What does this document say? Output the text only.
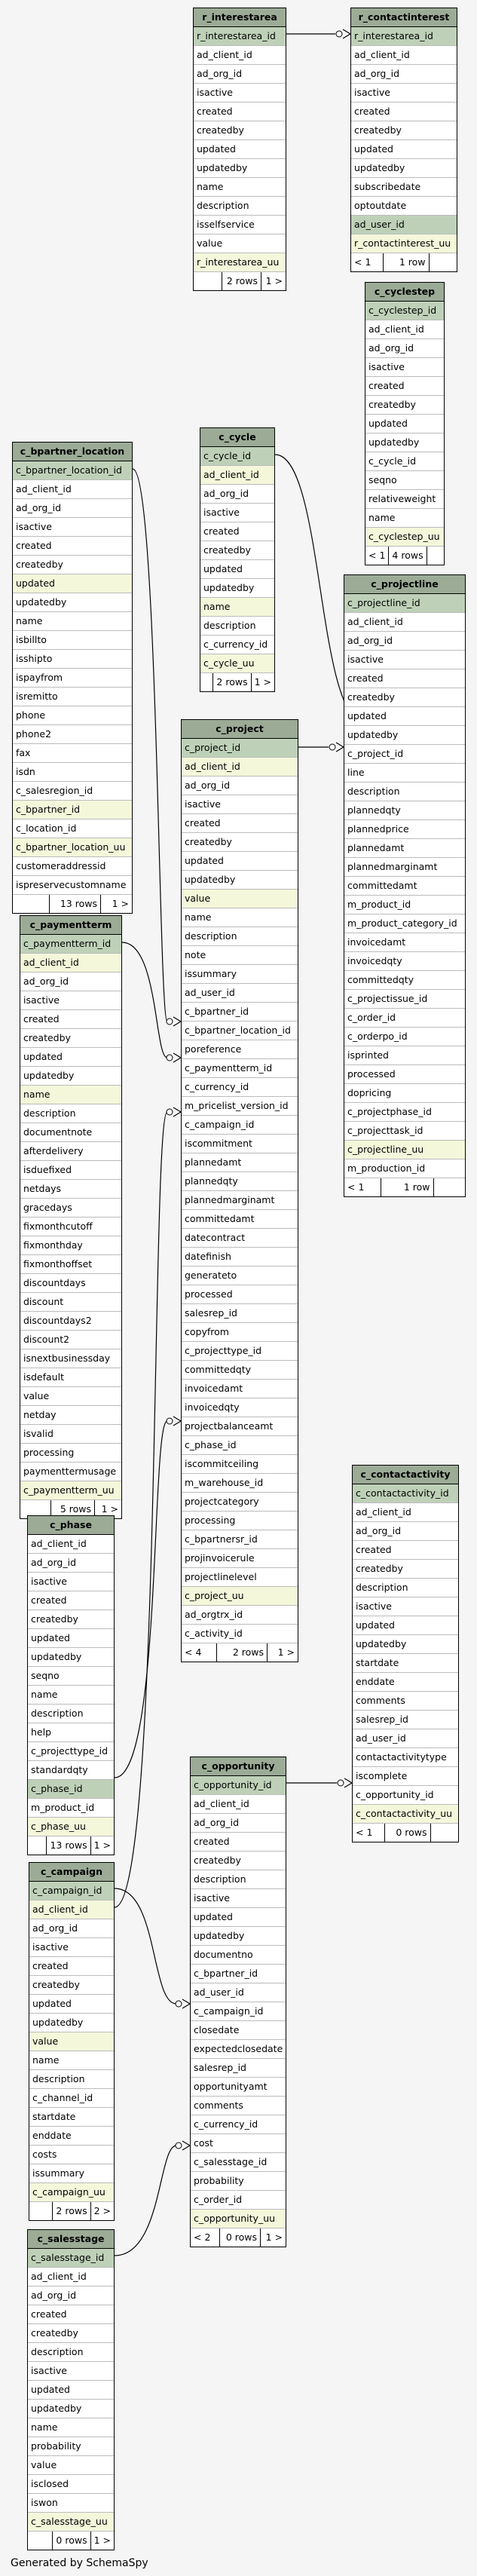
r_interestarea
r_interestarea_id
ad_client_id
ad_org_id
isactive
created
createdby
updated
updatedby
name
description
isselfservice
value
r_interestarea_uu
2 rows 1 >
r_contactinterest
r_interestarea_id
ad_client_id
ad_org_id
isactive
created
createdby
updated
updatedby
subscribedate
optoutdate
ad_user_id
r_contactinterest_uu
< 1	1 row
c_cyclestep
c_cyclestep_id
ad_client_id
ad_org_id
isactive
created
createdby
updated
updatedby
c_cycle_id
seqno
relativeweight
name
c_cyclestep_uu
< 1 4 rows
c_bpartner_location
c_bpartner_location_id
ad_client_id
ad_org_id
isactive
created
createdby
updated
updatedby
name
isbillto
isshipto
ispayfrom
isremitto
phone
phone2
fax
isdn
c_salesregion_id
c_bpartner_id
c_location_id
c_bpartner_location_uu
customeraddressid
ispreservecustomname
13 rows	1 >
c_cycle
c_cycle_id
ad_client_id
ad_org_id
isactive
created
createdby
updated
updatedby
name
description
c_currency_id
c_cycle_uu
2 rows 1 >
c_projectline
c_projectline_id
ad_client_id
ad_org_id
isactive
created
createdby
updated
updatedby
c_project_id
line
description
plannedqty
plannedprice
plannedamt
plannedmarginamt
committedamt
m_product_id
m_product_category_id
invoicedamt
invoicedqty
committedqty
c_projectissue_id
c_order_id
c_orderpo_id
isprinted
processed
dopricing
c_projectphase_id
c_projecttask_id
c_projectline_uu
m_production_id
< 1	1 row
c_project
c_project_id
ad_client_id
ad_org_id
isactive
created
createdby
updated
updatedby
value
name
description
note
issummary
ad_user_id
c_bpartner_id
c_bpartner_location_id
poreference
c_paymentterm_id
c_currency_id
m_pricelist_version_id
c_campaign_id
iscommitment
plannedamt
plannedqty
plannedmarginamt
committedamt
datecontract
datefinish
generateto
processed
salesrep_id
copyfrom
c_projecttype_id
committedqty
invoicedamt
invoicedqty
projectbalanceamt
c_phase_id
iscommitceiling
m_warehouse_id
projectcategory
processing
c_bpartnersr_id
projinvoicerule
projectlinelevel
c_project_uu
ad_orgtrx_id
c_activity_id
< 4	2 rows	1 >
c_paymentterm
c_paymentterm_id
ad_client_id
ad_org_id
isactive
created
createdby
updated
updatedby
name
description
documentnote
afterdelivery
isduefixed
netdays
gracedays
fixmonthcutoff
fixmonthday
fixmonthoffset
discountdays
discount
discountdays2
discount2
isnextbusinessday
isdefault
value
netday
isvalid
processing
paymenttermusage
c_paymentterm_uu
5 rows	1 >
c_contactactivity
c_contactactivity_id
ad_client_id
ad_org_id
created
createdby
description
isactive
updated
updatedby
startdate
enddate
comments
salesrep_id
ad_user_id
contactactivitytype
iscomplete
c_opportunity_id
c_contactactivity_uu
< 1	0 rows
c_phase
ad_client_id
ad_org_id
isactive
created
createdby
updated
updatedby
seqno
name
description
help
c_projecttype_id
standardqty
c_phase_id
m_product_id
c_phase_uu
13 rows 1 >
c_opportunity
c_opportunity_id
ad_client_id
ad_org_id
created
createdby
description
isactive
updated
updatedby
documentno
c_bpartner_id
ad_user_id
c_campaign_id
closedate
expectedclosedate
salesrep_id
opportunityamt
comments
c_currency_id
cost
c_salesstage_id
probability
c_order_id
c_opportunity_uu
< 2	0 rows 1 >
c_campaign
c_campaign_id
ad_client_id
ad_org_id
isactive
created
createdby
updated
updatedby
value
name
description
c_channel_id
startdate
enddate
costs
issummary
c_campaign_uu
2 rows 2 >
c_salesstage
c_salesstage_id
ad_client_id
ad_org_id
created
createdby
description
isactive
updated
updatedby
name
probability
value
isclosed
iswon
c_salesstage_uu
0 rows 1 >
Generated by SchemaSpy
